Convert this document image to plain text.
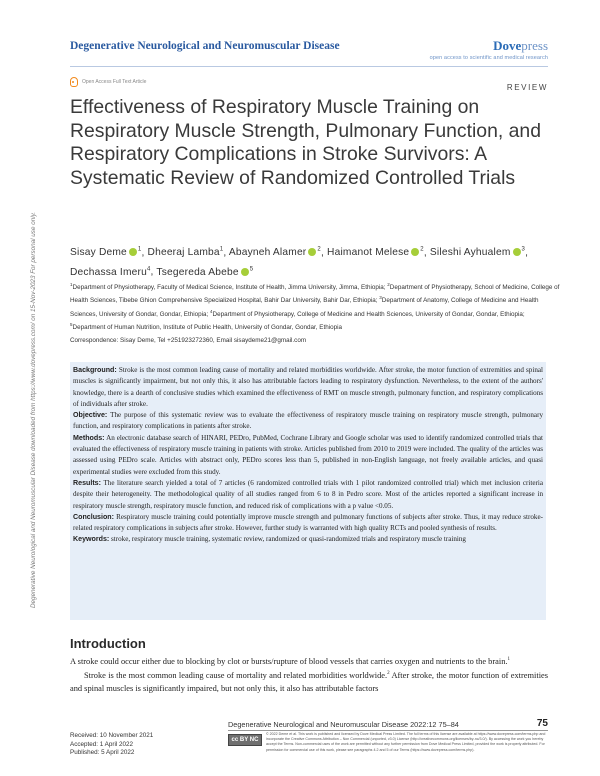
Degenerative Neurological and Neuromuscular Disease	Dovepress
open access to scientific and medical research
Open Access Full Text Article
REVIEW
Effectiveness of Respiratory Muscle Training on Respiratory Muscle Strength, Pulmonary Function, and Respiratory Complications in Stroke Survivors: A Systematic Review of Randomized Controlled Trials
Sisay Deme $^1$, Dheeraj Lamba$^1$, Abayneh Alamer $^2$, Haimanot Melese $^2$, Sileshi Ayhualem $^3$, Dechassa Imeru$^4$, Tsegereda Abebe $^5$
$^1$Department of Physiotherapy, Faculty of Medical Science, Institute of Health, Jimma University, Jimma, Ethiopia; $^2$Department of Physiotherapy, School of Medicine, College of Health Sciences, Tibebe Ghion Comprehensive Specialized Hospital, Bahir Dar University, Bahir Dar, Ethiopia; $^3$Department of Anatomy, College of Medicine and Health Sciences, University of Gondar, Gondar, Ethiopia; $^4$Department of Physiotherapy, College of Medicine and Health Sciences, University of Gondar, Gondar, Ethiopia; $^5$Department of Human Nutrition, Institute of Public Health, University of Gondar, Gondar, Ethiopia
Correspondence: Sisay Deme, Tel +251923272360, Email sisaydeme21@gmail.com

Background: Stroke is the most common leading cause of mortality and related morbidities worldwide. After stroke, the motor function of extremities and spinal muscles is significantly impairment, but not only this, it also has attributable factors leading to respiratory dysfunction. Nevertheless, to the extent of the authors' knowledge, there is a dearth of conclusive studies which examined the effectiveness of RMT on muscle strength, pulmonary function, and respiratory complications of individuals after stroke.

Objective: The purpose of this systematic review was to evaluate the effectiveness of respiratory muscle training on respiratory muscle strength, pulmonary function, and respiratory complications in patients after stroke.

Methods: An electronic database search of HINARI, PEDro, PubMed, Cochrane Library and Google scholar was used to identify randomized controlled trials that evaluated the effectiveness of respiratory muscle training in patients with stroke. Articles published from 2010 to 2019 were included. The quality of the articles was assessed using PEDro scale. Articles with abstract only, PEDro scores less than 5, published in non-English language, not freely available articles, and quasi experimental studies were excluded from this study.

Results: The literature search yielded a total of 7 articles (6 randomized controlled trials with 1 pilot randomized controlled trial) which met inclusion criteria despite their heterogeneity. The methodological quality of all studies ranged from 6 to 8 in Pedro score. Most of the articles reported a significant increase in respiratory muscle strength, respiratory muscle function, and reduced risk of complications with a p value <0.05.

Conclusion: Respiratory muscle training could potentially improve muscle strength and pulmonary functions of subjects after stroke. Thus, it may reduce stroke-related respiratory complications in subjects after stroke. However, further study is warranted with high quality RCTs and pooled synthesis of results.

Keywords: stroke, respiratory muscle training, systematic review, randomized or quasi-randomized trials and respiratory muscle training

Degenerative Neurological and Neuromuscular Disease downloaded from https://www.dovepress.com/ on 15-Nov-2023 For personal use only.
Introduction

A stroke could occur either due to blocking by clot or bursts/rupture of blood vessels that carries oxygen and nutrients to the brain.$^1$

Stroke is the most common leading cause of mortality and related morbidities worldwide.$^2$ After stroke, the motor function of extremities and spinal muscles is significantly impaired, but not only this, it also has attributable factors

Degenerative Neurological and Neuromuscular Disease 2022:12 75–84	75
Received: 10 November 2021
Accepted: 1 April 2022
Published: 5 April 2022
cc BY NC
© 2022 Deme et al. This work is published and licensed by Dove Medical Press Limited. The full terms of this license are available at https://www.dovepress.com/terms.php and incorporate the Creative Commons Attribution – Non Commercial (unported, v3.0) License (http://creativecommons.org/licenses/by-nc/3.0/). By accessing the work you hereby accept the Terms. Non-commercial uses of the work are permitted without any further permission from Dove Medical Press Limited, provided the work is properly attributed. For permission for commercial use of this work, please see paragraphs 4.2 and 5 of our Terms (https://www.dovepress.com/terms.php).
